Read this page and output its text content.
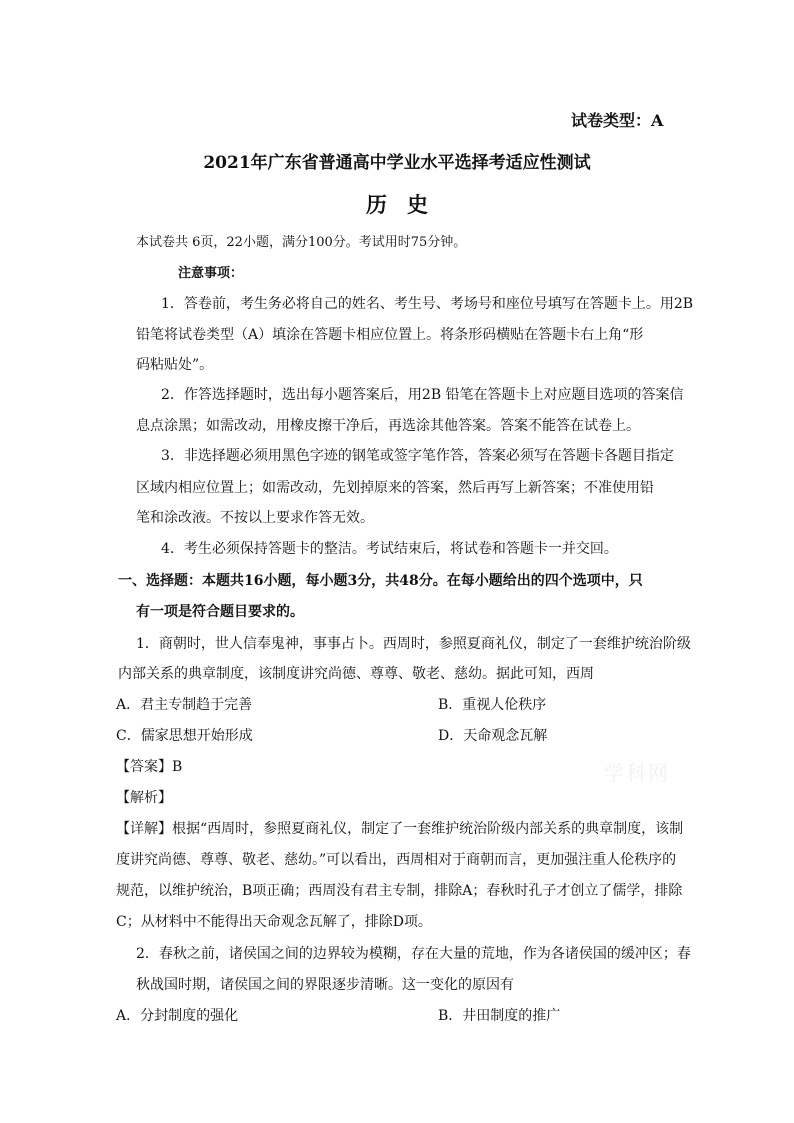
试卷类型：A

2021年广东省普通高中学业水平选择考适应性测试

历史

本试卷共 6页，22小题，满分100分。考试用时75分钟。

注意事项：

1．答卷前，考生务必将自己的姓名、考生号、考场号和座位号填写在答题卡上。用2B

铅笔将试卷类型（A）填涂在答题卡相应位置上。将条形码横贴在答题卡右上角“形

码粘贴处”。

2．作答选择题时，选出每小题答案后，用2B 铅笔在答题卡上对应题目选项的答案信

息点涂黑；如需改动，用橡皮擦干净后，再选涂其他答案。答案不能答在试卷上。

3．非选择题必须用黑色字迹的钢笔或签字笔作答，答案必须写在答题卡各题目指定

区域内相应位置上；如需改动，先划掉原来的答案，然后再写上新答案；不准使用铅

笔和涂改液。不按以上要求作答无效。

4．考生必须保持答题卡的整洁。考试结束后，将试卷和答题卡一并交回。

一、选择题：本题共16小题，每小题3分，共48分。在每小题给出的四个选项中，只

有一项是符合题目要求的。

1．商朝时，世人信奉鬼神，事事占卜。西周时，参照夏商礼仪，制定了一套维护统治阶级

内部关系的典章制度，该制度讲究尚德、尊尊、敬老、慈幼。据此可知，西周

A．君主专制趋于完善	B．重视人伦秩序

C．儒家思想开始形成	D．天命观念瓦解

【答案】B

【解析】

【详解】根据“西周时，参照夏商礼仪，制定了一套维护统治阶级内部关系的典章制度，该制

度讲究尚德、尊尊、敬老、慈幼。”可以看出，西周相对于商朝而言，更加强注重人伦秩序的

规范，以维护统治，B项正确；西周没有君主专制，排除A；春秋时孔子才创立了儒学，排除

C；从材料中不能得出天命观念瓦解了，排除D项。

2．春秋之前，诸侯国之间的边界较为模糊，存在大量的荒地，作为各诸侯国的缓冲区；春

秋战国时期，诸侯国之间的界限逐步清晰。这一变化的原因有

A．分封制度的强化	B．井田制度的推广

学科网
